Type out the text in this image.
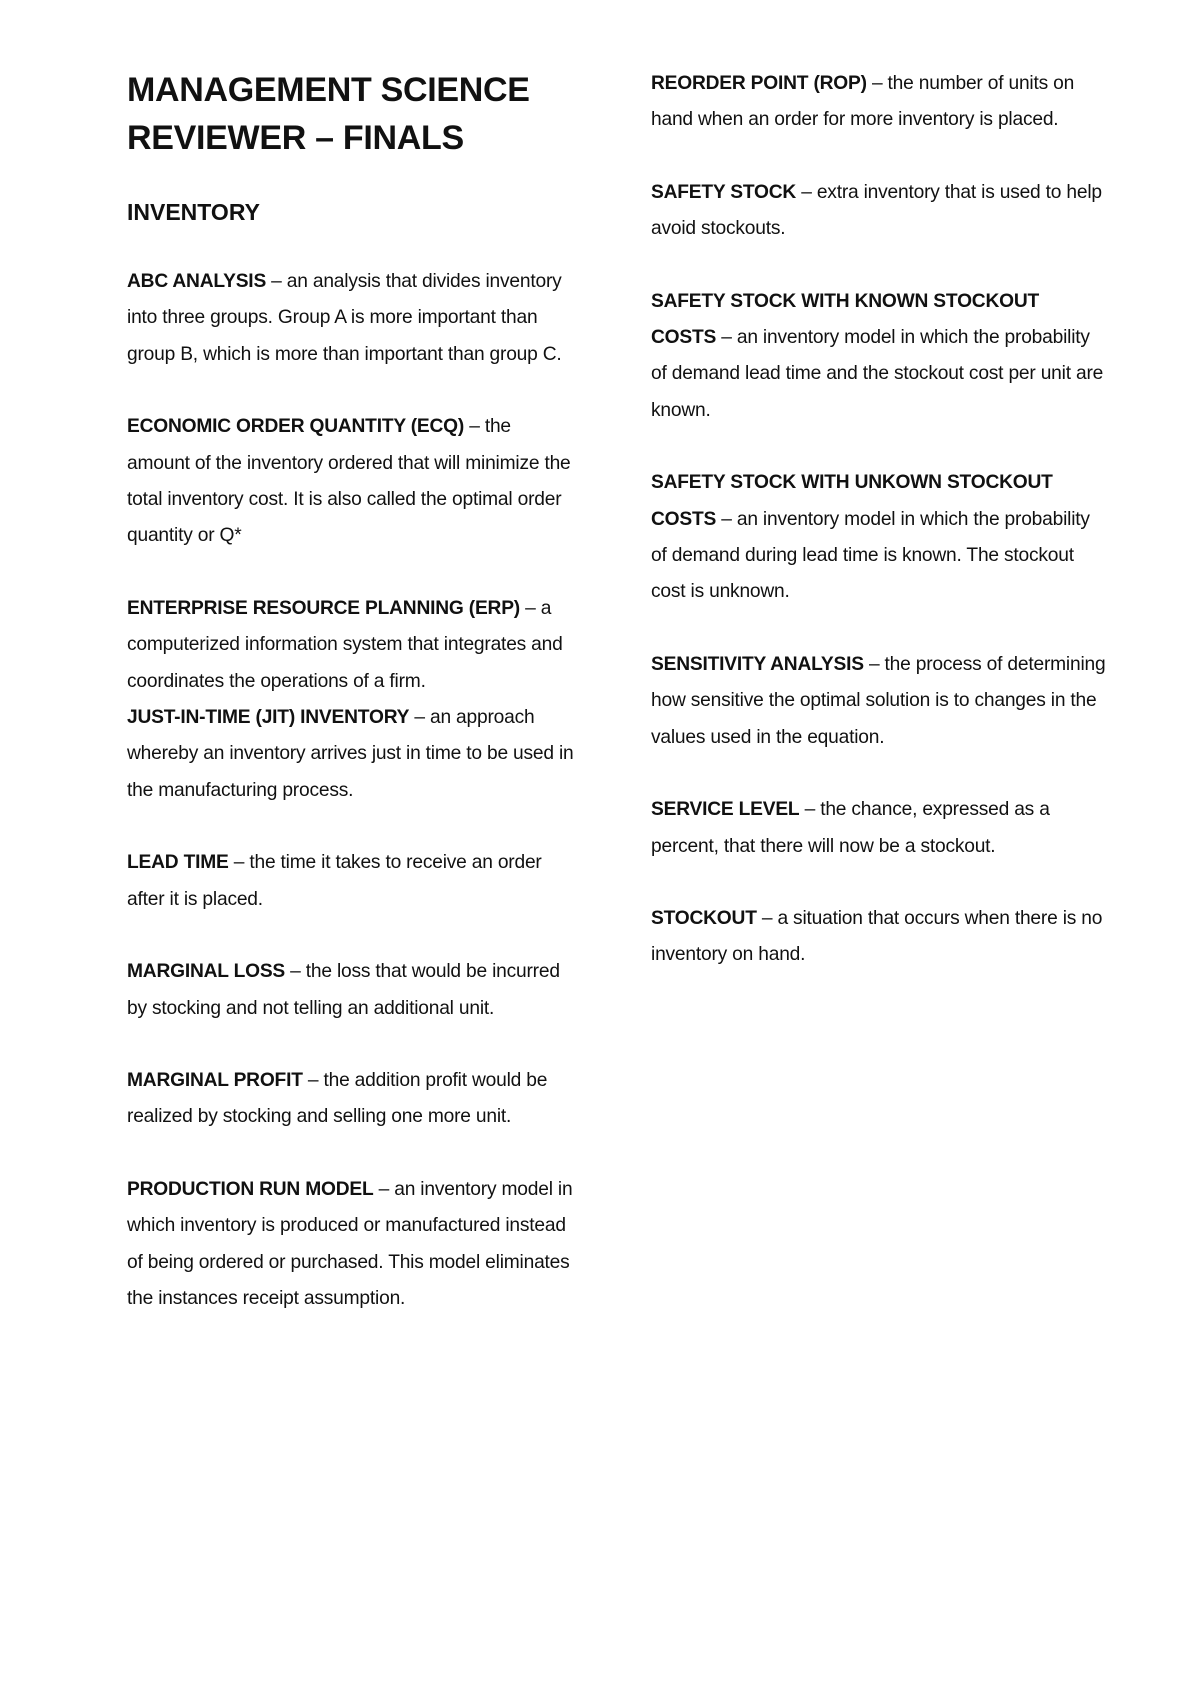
MANAGEMENT SCIENCE
REVIEWER – FINALS
INVENTORY

ABC ANALYSIS – an analysis that divides inventory into three groups. Group A is more important than group B, which is more than important than group C.

ECONOMIC ORDER QUANTITY (ECQ) – the amount of the inventory ordered that will minimize the total inventory cost. It is also called the optimal order quantity or Q*

ENTERPRISE RESOURCE PLANNING (ERP) – a computerized information system that integrates and coordinates the operations of a firm.

JUST-IN-TIME (JIT) INVENTORY – an approach whereby an inventory arrives just in time to be used in the manufacturing process.

LEAD TIME – the time it takes to receive an order after it is placed.

MARGINAL LOSS – the loss that would be incurred by stocking and not telling an additional unit.

MARGINAL PROFIT – the addition profit would be realized by stocking and selling one more unit.

PRODUCTION RUN MODEL – an inventory model in which inventory is produced or manufactured instead of being ordered or purchased. This model eliminates the instances receipt assumption.

REORDER POINT (ROP) – the number of units on hand when an order for more inventory is placed.

SAFETY STOCK – extra inventory that is used to help avoid stockouts.

SAFETY STOCK WITH KNOWN STOCKOUT COSTS – an inventory model in which the probability of demand lead time and the stockout cost per unit are known.

SAFETY STOCK WITH UNKOWN STOCKOUT COSTS – an inventory model in which the probability of demand during lead time is known. The stockout cost is unknown.

SENSITIVITY ANALYSIS – the process of determining how sensitive the optimal solution is to changes in the values used in the equation.

SERVICE LEVEL – the chance, expressed as a percent, that there will now be a stockout.

STOCKOUT – a situation that occurs when there is no inventory on hand.
